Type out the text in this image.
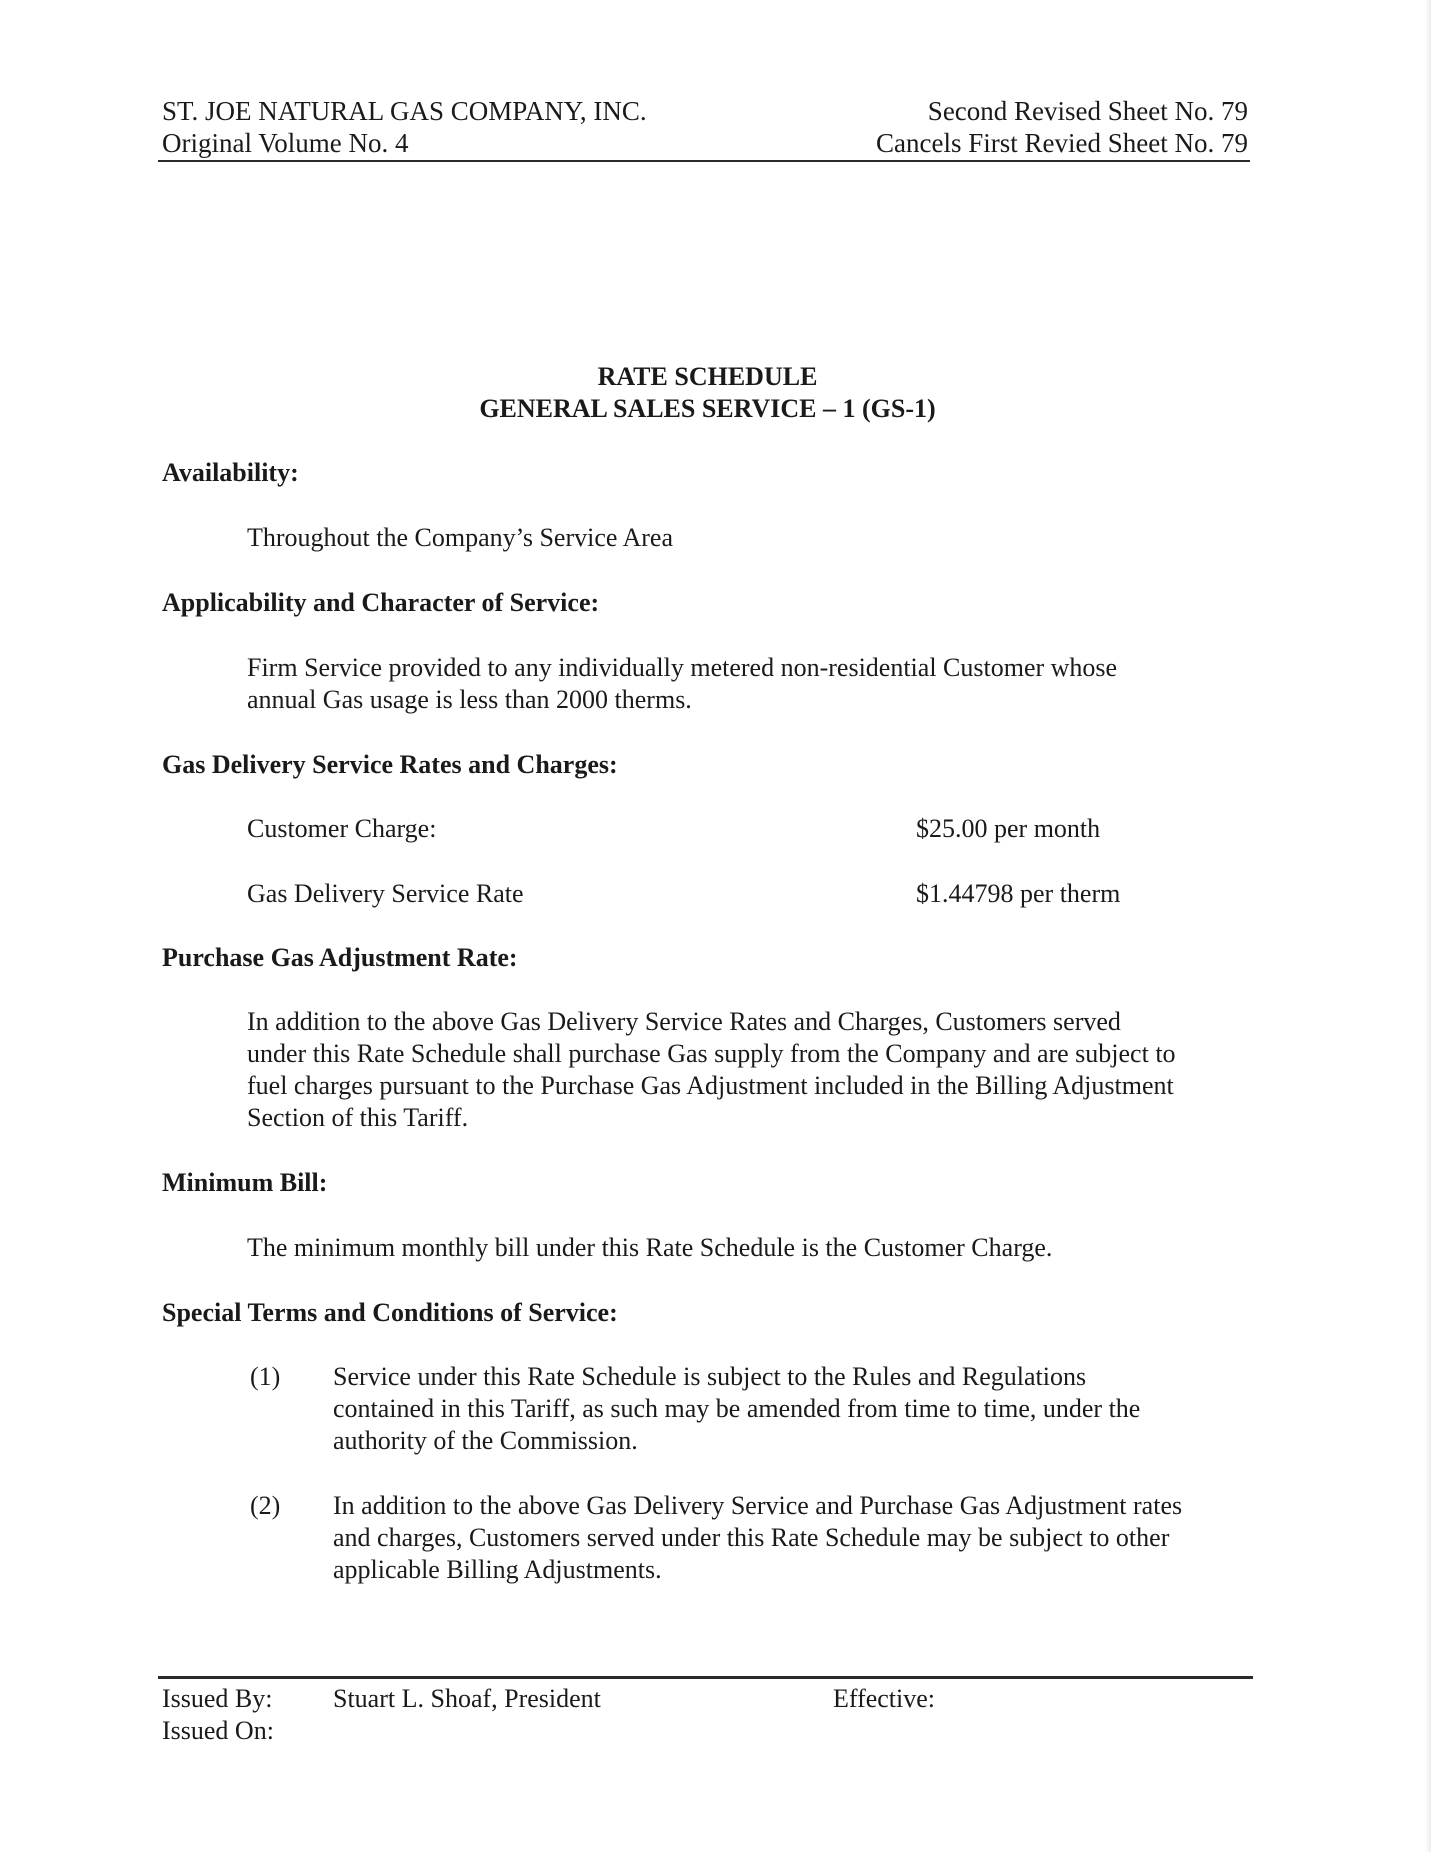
ST. JOE NATURAL GAS COMPANY, INC.
Original Volume No. 4
Second Revised Sheet No. 79
Cancels First Revied Sheet No. 79
RATE SCHEDULE
GENERAL SALES SERVICE – 1 (GS-1)
Availability:
Throughout the Company’s Service Area
Applicability and Character of Service:
Firm Service provided to any individually metered non-residential Customer whose
annual Gas usage is less than 2000 therms.
Gas Delivery Service Rates and Charges:
Customer Charge:	$25.00 per month
Gas Delivery Service Rate	$1.44798 per therm
Purchase Gas Adjustment Rate:
In addition to the above Gas Delivery Service Rates and Charges, Customers served
under this Rate Schedule shall purchase Gas supply from the Company and are subject to
fuel charges pursuant to the Purchase Gas Adjustment included in the Billing Adjustment
Section of this Tariff.
Minimum Bill:
The minimum monthly bill under this Rate Schedule is the Customer Charge.
Special Terms and Conditions of Service:
(1) Service under this Rate Schedule is subject to the Rules and Regulations
contained in this Tariff, as such may be amended from time to time, under the
authority of the Commission.
(2) In addition to the above Gas Delivery Service and Purchase Gas Adjustment rates
and charges, Customers served under this Rate Schedule may be subject to other
applicable Billing Adjustments.
Issued By: Stuart L. Shoaf, President	Effective:
Issued On:
